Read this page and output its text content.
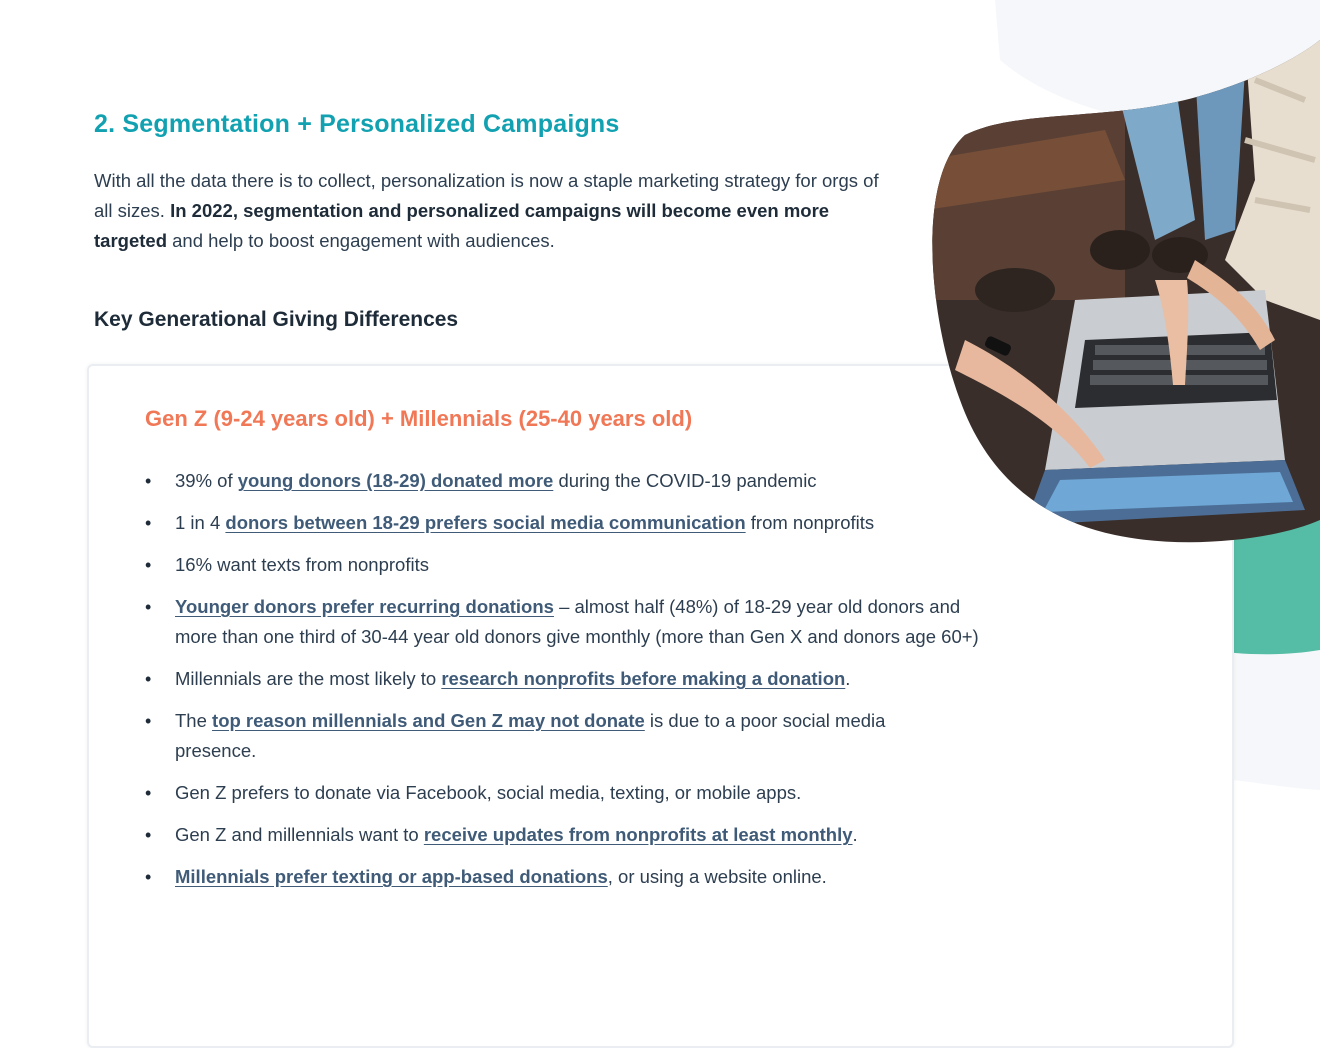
2. Segmentation + Personalized Campaigns

With all the data there is to collect, personalization is now a staple marketing strategy for orgs of all sizes. In 2022, segmentation and personalized campaigns will become even more targeted and help to boost engagement with audiences.

Key Generational Giving Differences
Gen Z (9-24 years old) + Millennials (25-40 years old)
• 39% of young donors (18-29) donated more during the COVID-19 pandemic
• 1 in 4 donors between 18-29 prefers social media communication from nonprofits
• 16% want texts from nonprofits
• Younger donors prefer recurring donations – almost half (48%) of 18-29 year old donors and more than one third of 30-44 year old donors give monthly (more than Gen X and donors age 60+)
• Millennials are the most likely to research nonprofits before making a donation.
• The top reason millennials and Gen Z may not donate is due to a poor social media presence.
• Gen Z prefers to donate via Facebook, social media, texting, or mobile apps.
• Gen Z and millennials want to receive updates from nonprofits at least monthly.
• Millennials prefer texting or app-based donations, or using a website online.
